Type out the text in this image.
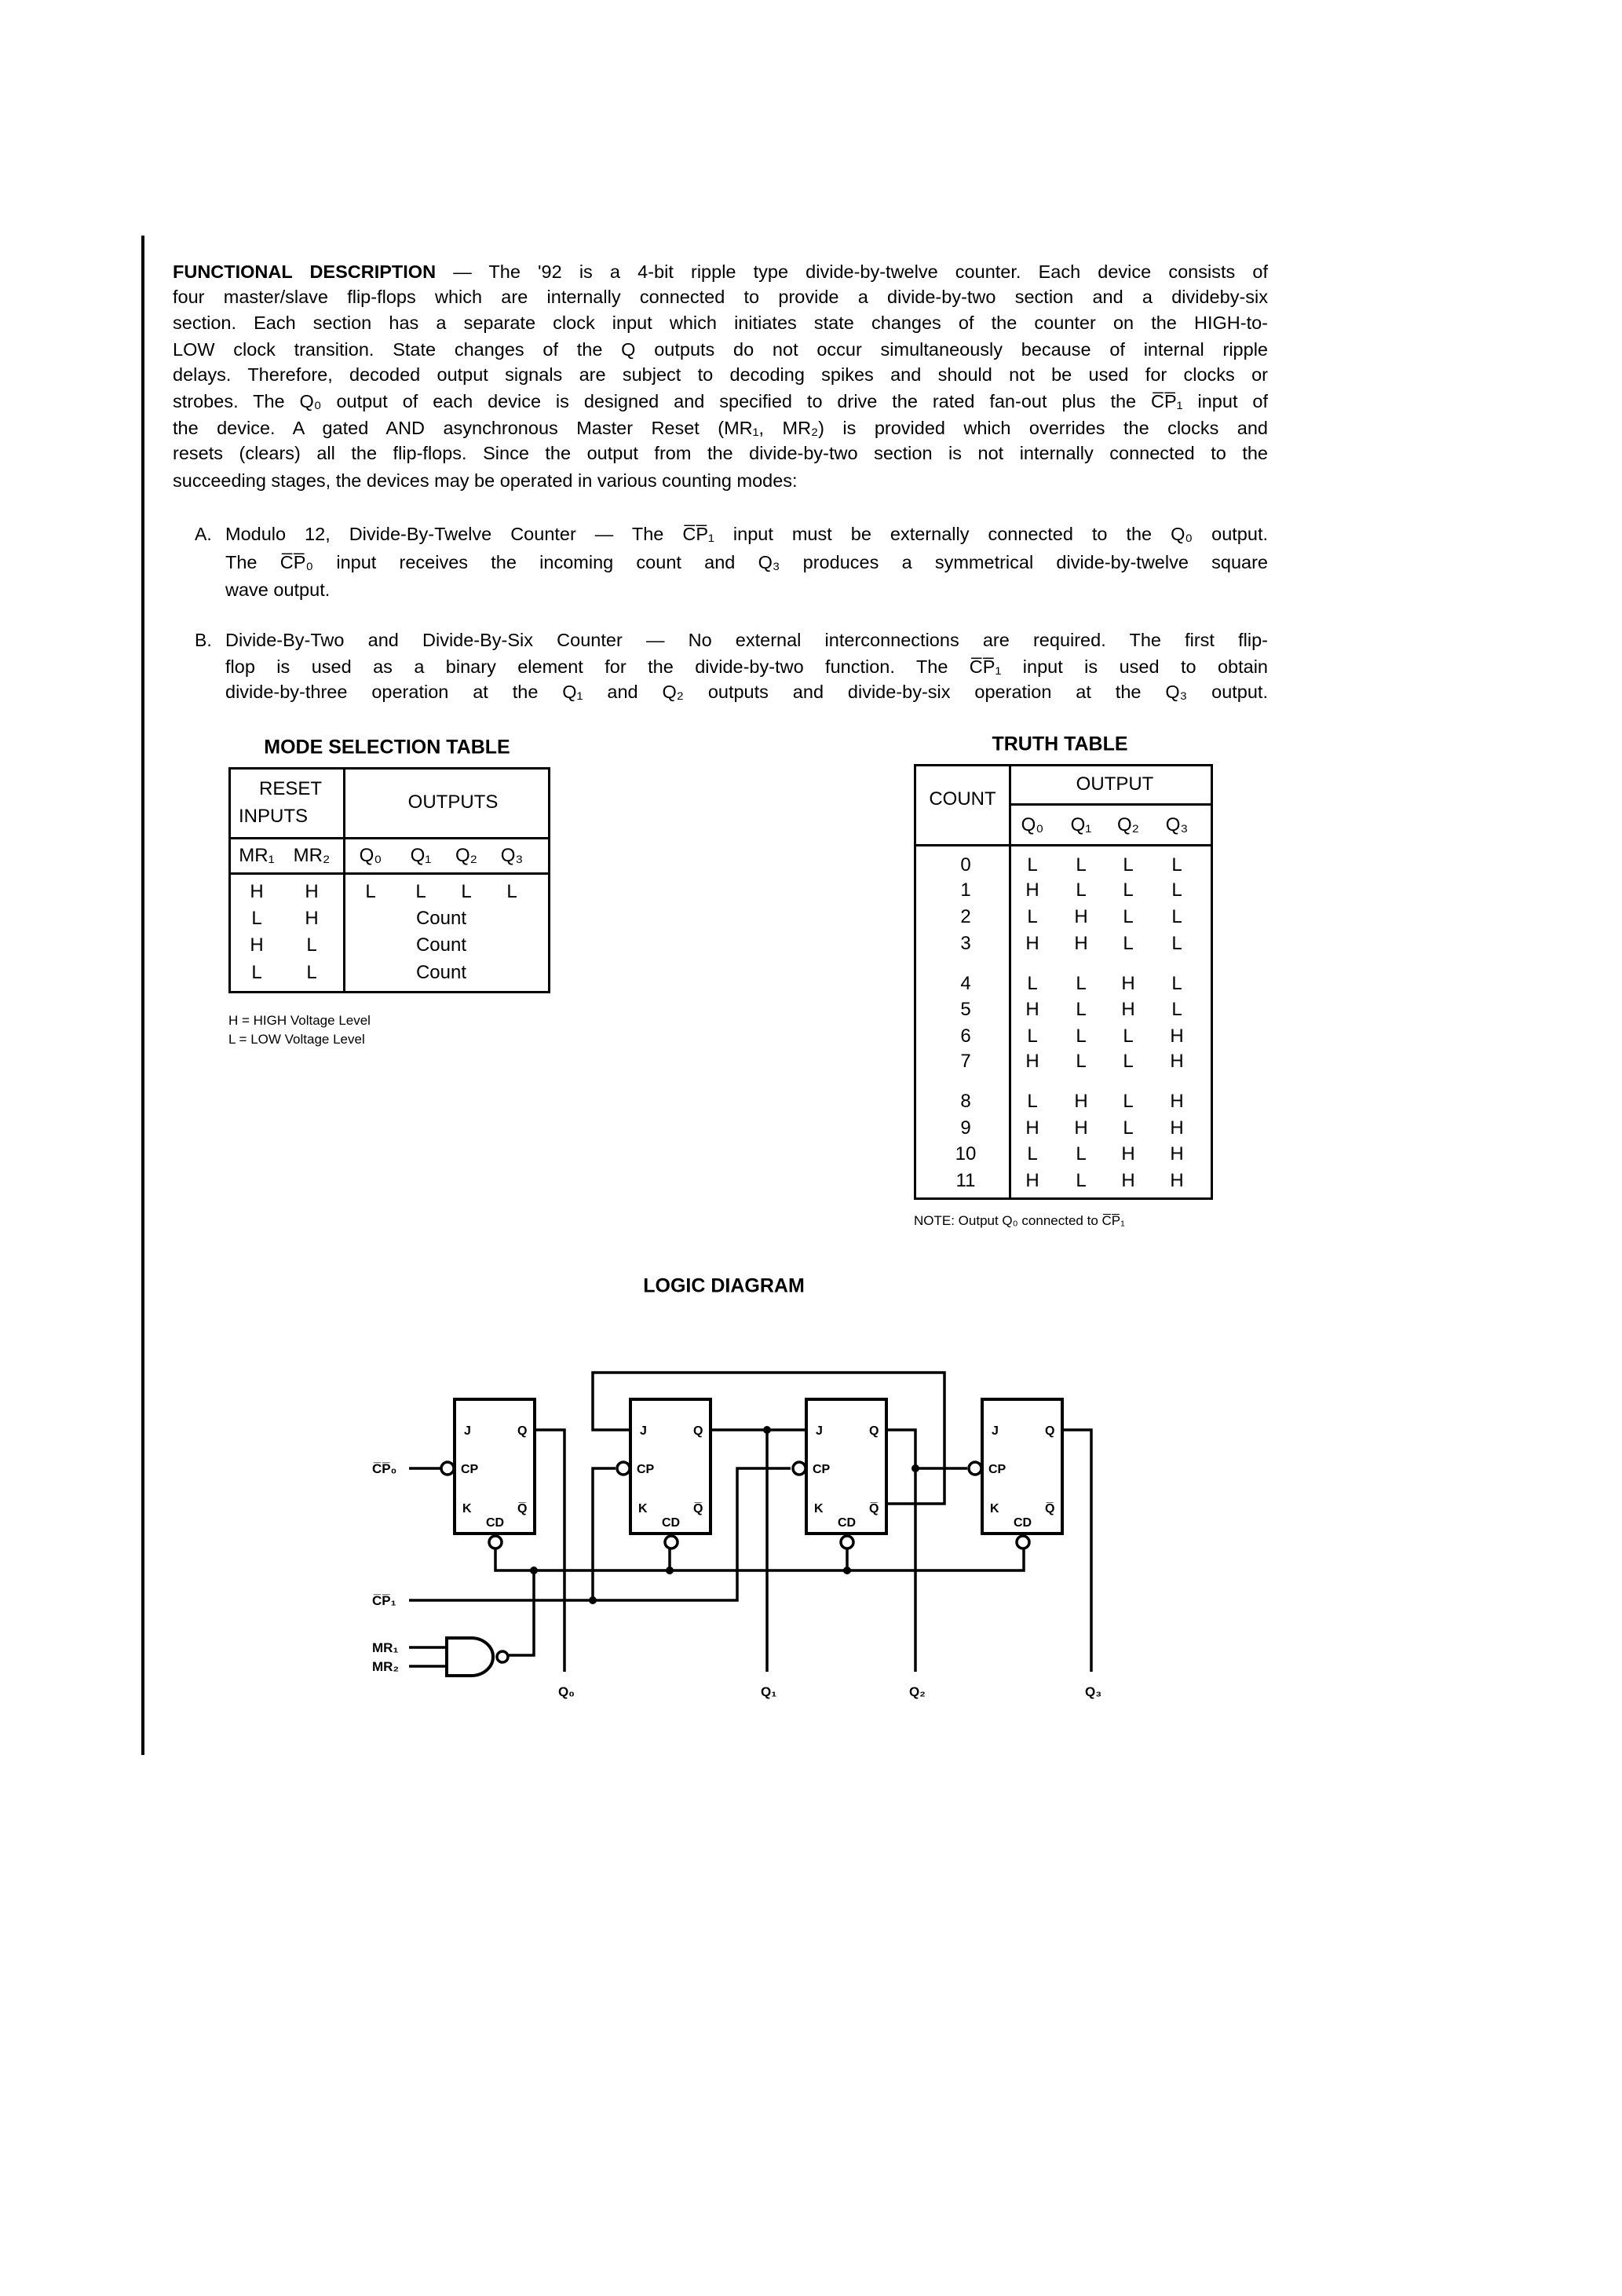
FUNCTIONAL DESCRIPTION — The '92 is a 4-bit ripple type divide-by-twelve counter. Each device consists of
four master/slave flip-flops which are internally connected to provide a divide-by-two section and a divideby-six
section. Each section has a separate clock input which initiates state changes of the counter on the HIGH-to-
LOW clock transition. State changes of the Q outputs do not occur simultaneously because of internal ripple
delays. Therefore, decoded output signals are subject to decoding spikes and should not be used for clocks or
strobes. The Q₀ output of each device is designed and specified to drive the rated fan-out plus the C̅P̅₁ input of
the device. A gated AND asynchronous Master Reset (MR₁, MR₂) is provided which overrides the clocks and
resets (clears) all the flip-flops. Since the output from the divide-by-two section is not internally connected to the
succeeding stages, the devices may be operated in various counting modes:
A. Modulo 12, Divide-By-Twelve Counter — The C̅P̅₁ input must be externally connected to the Q₀ output.
The C̅P̅₀ input receives the incoming count and Q₃ produces a symmetrical divide-by-twelve square
wave output.
B. Divide-By-Two and Divide-By-Six Counter — No external interconnections are required. The first flip-
flop is used as a binary element for the divide-by-two function. The C̅P̅₁ input is used to obtain
divide-by-three operation at the Q₁ and Q₂ outputs and divide-by-six operation at the Q₃ output.
MODE SELECTION TABLE
RESET
INPUTS
OUTPUTS
MR₁ MR₂ Q₀ Q₁ Q₂ Q₃
H H L L L L
L H	Count
H L	Count
L L	Count
H = HIGH Voltage Level
L = LOW Voltage Level
TRUTH TABLE
COUNT
OUTPUT
Q₀ Q₁ Q₂ Q₃
0	L L L L
1	H L L L
2	L H L L
3	H H L L
4	L L H L
5	H L H L
6	L L L H
7	H L L H
8	L H L H
9	H H L H
10	L L H H
11	H L H H
NOTE: Output Q₀ connected to C̅P̅₁
LOGIC DIAGRAM
C̅P̅₀
C̅P̅₁
MR₁
MR₂
Q₀	Q₁	Q₂	Q₃
J	Q
CP
K	Q̅
CD
J	Q
CP
K	Q̅
CD
J	Q
CP
K	Q̅
CD
J	Q
CP
K	Q̅
CD
